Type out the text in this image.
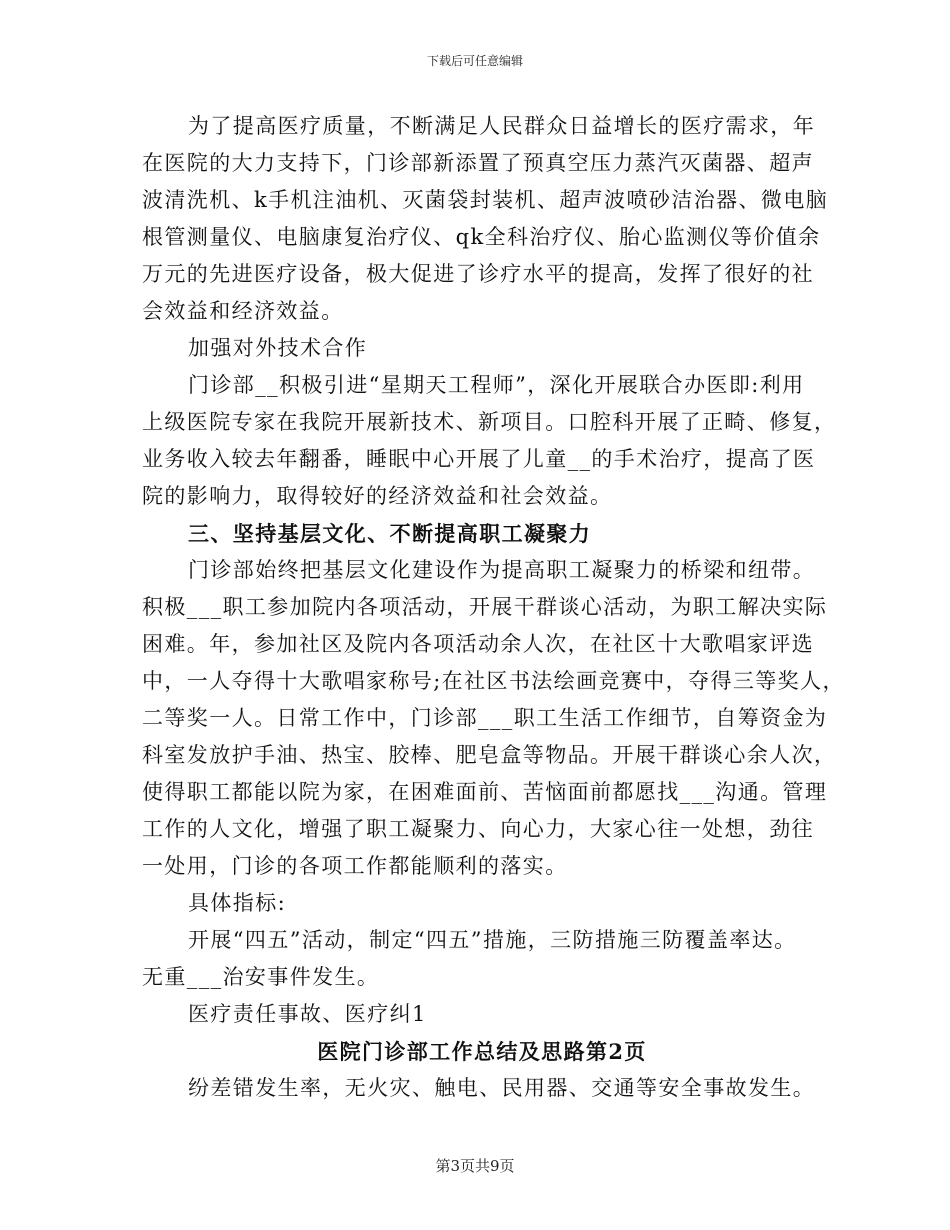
下载后可任意编辑
为了提高医疗质量，不断满足人民群众日益增长的医疗需求，年
在医院的大力支持下，门诊部新添置了预真空压力蒸汽灭菌器、超声
波清洗机、k手机注油机、灭菌袋封装机、超声波喷砂洁治器、微电脑
根管测量仪、电脑康复治疗仪、qk全科治疗仪、胎心监测仪等价值余
万元的先进医疗设备，极大促进了诊疗水平的提高，发挥了很好的社
会效益和经济效益。
加强对外技术合作
门诊部__积极引进“星期天工程师”，深化开展联合办医即:利用
上级医院专家在我院开展新技术、新项目。口腔科开展了正畸、修复，
业务收入较去年翻番，睡眠中心开展了儿童__的手术治疗，提高了医
院的影响力，取得较好的经济效益和社会效益。
三、坚持基层文化、不断提高职工凝聚力
门诊部始终把基层文化建设作为提高职工凝聚力的桥梁和纽带。
积极___职工参加院内各项活动，开展干群谈心活动，为职工解决实际
困难。年，参加社区及院内各项活动余人次，在社区十大歌唱家评选
中，一人夺得十大歌唱家称号;在社区书法绘画竞赛中，夺得三等奖人，
二等奖一人。日常工作中，门诊部___职工生活工作细节，自筹资金为
科室发放护手油、热宝、胶棒、肥皂盒等物品。开展干群谈心余人次，
使得职工都能以院为家，在困难面前、苦恼面前都愿找___沟通。管理
工作的人文化，增强了职工凝聚力、向心力，大家心往一处想，劲往
一处用，门诊的各项工作都能顺利的落实。
具体指标:
开展“四五”活动，制定“四五”措施，三防措施三防覆盖率达。
无重___治安事件发生。
医疗责任事故、医疗纠1
医院门诊部工作总结及思路第2页
纷差错发生率，无火灾、触电、民用器、交通等安全事故发生。
第3页共9页
